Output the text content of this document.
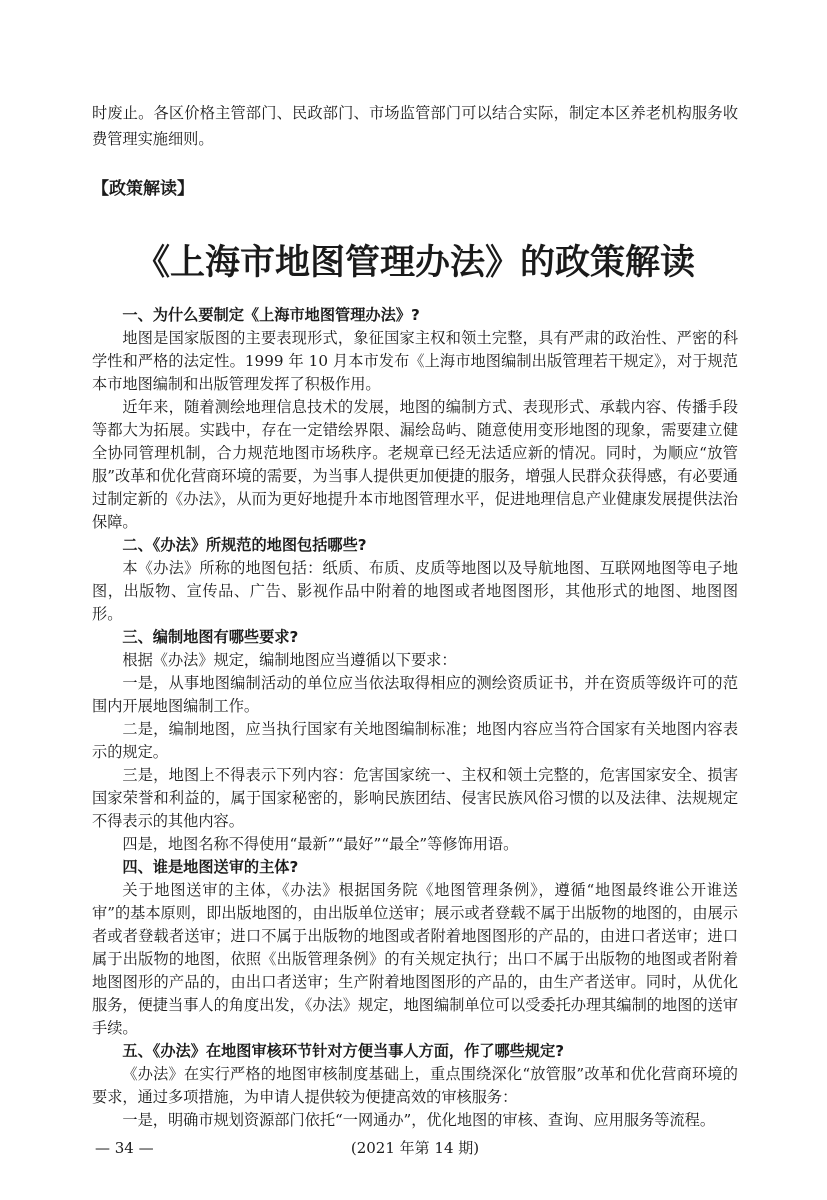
时废止。各区价格主管部门、民政部门、市场监管部门可以结合实际，制定本区养老机构服务收费管理实施细则。

【政策解读】
《上海市地图管理办法》的政策解读
一、为什么要制定《上海市地图管理办法》?

地图是国家版图的主要表现形式，象征国家主权和领土完整，具有严肃的政治性、严密的科学性和严格的法定性。1999 年 10 月本市发布《上海市地图编制出版管理若干规定》，对于规范本市地图编制和出版管理发挥了积极作用。

近年来，随着测绘地理信息技术的发展，地图的编制方式、表现形式、承载内容、传播手段等都大为拓展。实践中，存在一定错绘界限、漏绘岛屿、随意使用变形地图的现象，需要建立健全协同管理机制，合力规范地图市场秩序。老规章已经无法适应新的情况。同时，为顺应“放管服”改革和优化营商环境的需要，为当事人提供更加便捷的服务，增强人民群众获得感，有必要通过制定新的《办法》，从而为更好地提升本市地图管理水平，促进地理信息产业健康发展提供法治保障。

二、《办法》所规范的地图包括哪些?

本《办法》所称的地图包括：纸质、布质、皮质等地图以及导航地图、互联网地图等电子地图，出版物、宣传品、广告、影视作品中附着的地图或者地图图形，其他形式的地图、地图图形。

三、编制地图有哪些要求?

根据《办法》规定，编制地图应当遵循以下要求：

一是，从事地图编制活动的单位应当依法取得相应的测绘资质证书，并在资质等级许可的范围内开展地图编制工作。

二是，编制地图，应当执行国家有关地图编制标准；地图内容应当符合国家有关地图内容表示的规定。

三是，地图上不得表示下列内容：危害国家统一、主权和领土完整的，危害国家安全、损害国家荣誉和利益的，属于国家秘密的，影响民族团结、侵害民族风俗习惯的以及法律、法规规定不得表示的其他内容。

四是，地图名称不得使用“最新”“最好”“最全”等修饰用语。

四、谁是地图送审的主体?

关于地图送审的主体，《办法》根据国务院《地图管理条例》，遵循“地图最终谁公开谁送审”的基本原则，即出版地图的，由出版单位送审；展示或者登载不属于出版物的地图的，由展示者或者登载者送审；进口不属于出版物的地图或者附着地图图形的产品的，由进口者送审；进口属于出版物的地图，依照《出版管理条例》的有关规定执行；出口不属于出版物的地图或者附着地图图形的产品的，由出口者送审；生产附着地图图形的产品的，由生产者送审。同时，从优化服务，便捷当事人的角度出发，《办法》规定，地图编制单位可以受委托办理其编制的地图的送审手续。

五、《办法》在地图审核环节针对方便当事人方面，作了哪些规定?

《办法》在实行严格的地图审核制度基础上，重点围绕深化“放管服”改革和优化营商环境的要求，通过多项措施，为申请人提供较为便捷高效的审核服务：

一是，明确市规划资源部门依托“一网通办”，优化地图的审核、查询、应用服务等流程。

— 34 —	(2021 年第 14 期)
